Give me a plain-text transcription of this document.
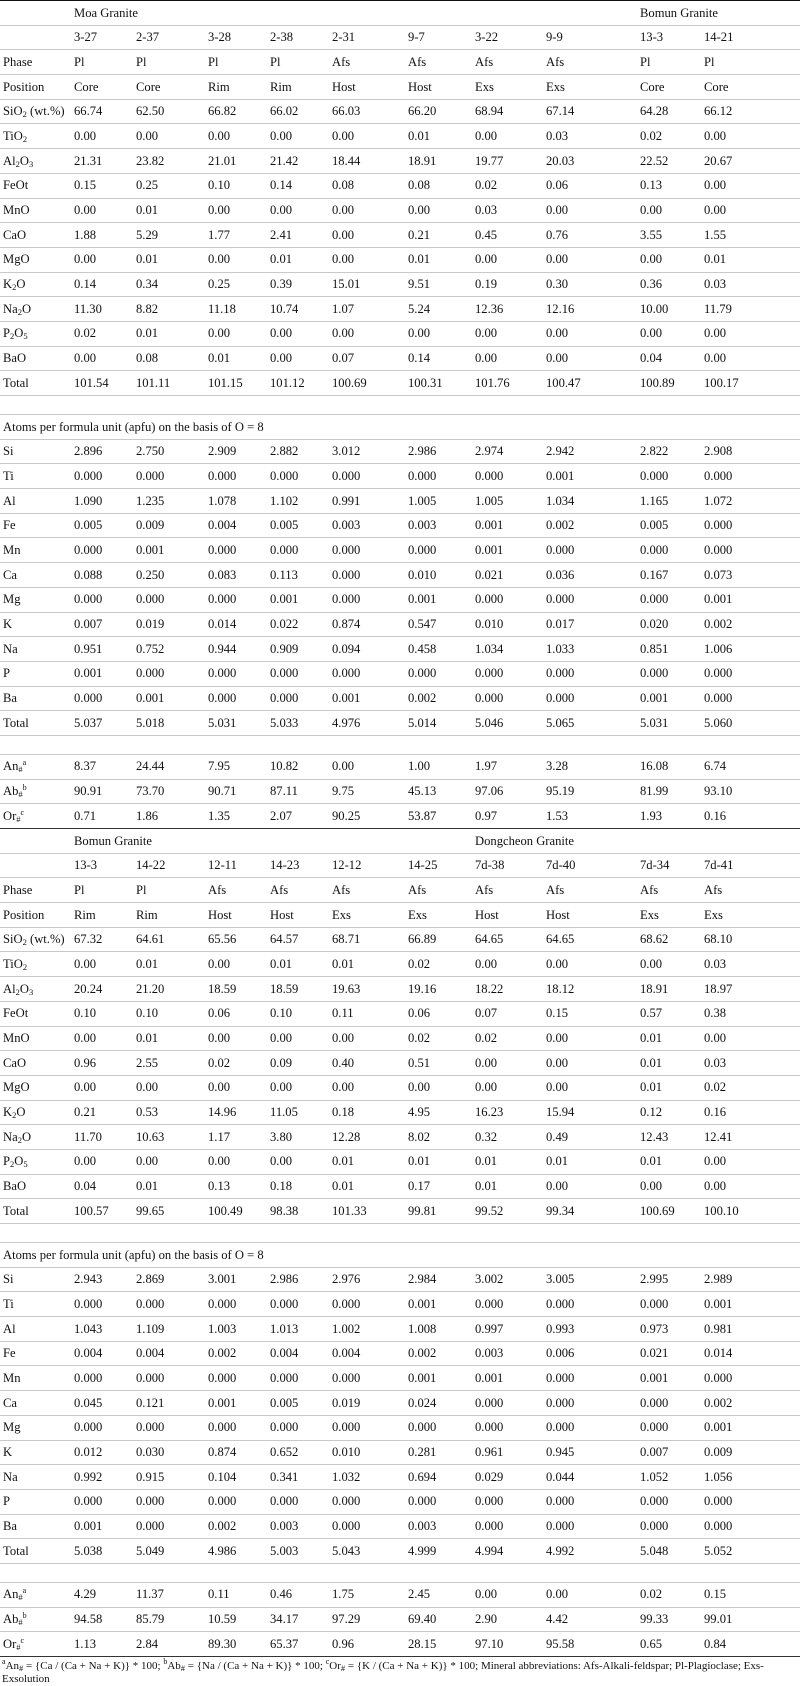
	Moa Granite								Bomun Granite	
	3-27	2-37	3-28	2-38	2-31	9-7	3-22	9-9	13-3	14-21
Phase	Pl	Pl	Pl	Pl	Afs	Afs	Afs	Afs	Pl	Pl
Position	Core	Core	Rim	Rim	Host	Host	Exs	Exs	Core	Core
SiO$_2$ (wt.%)	66.74	62.50	66.82	66.02	66.03	66.20	68.94	67.14	64.28	66.12
TiO$_2$	0.00	0.00	0.00	0.00	0.00	0.01	0.00	0.03	0.02	0.00
$Al_2O_3$	21.31	23.82	21.01	21.42	18.44	18.91	19.77	20.03	22.52	20.67
FeOt	0.15	0.25	0.10	0.14	0.08	0.08	0.02	0.06	0.13	0.00
MnO	0.00	0.01	0.00	0.00	0.00	0.00	0.03	0.00	0.00	0.00
CaO	1.88	5.29	1.77	2.41	0.00	0.21	0.45	0.76	3.55	1.55
MgO	0.00	0.01	0.00	0.01	0.00	0.01	0.00	0.00	0.00	0.01
$K_2O$	0.14	0.34	0.25	0.39	15.01	9.51	0.19	0.30	0.36	0.03
$Na_2O$	11.30	8.82	11.18	10.74	1.07	5.24	12.36	12.16	10.00	11.79
$P_2O_5$	0.02	0.01	0.00	0.00	0.00	0.00	0.00	0.00	0.00	0.00
BaO	0.00	0.08	0.01	0.00	0.07	0.14	0.00	0.00	0.04	0.00
Total	101.54	101.11	101.15	101.12	100.69	100.31	101.76	100.47	100.89	100.17

Atoms per formula unit (apfu) on the basis of O = 8										
Si	2.896	2.750	2.909	2.882	3.012	2.986	2.974	2.942	2.822	2.908
Ti	0.000	0.000	0.000	0.000	0.000	0.000	0.000	0.001	0.000	0.000
Al	1.090	1.235	1.078	1.102	0.991	1.005	1.005	1.034	1.165	1.072
Fe	0.005	0.009	0.004	0.005	0.003	0.003	0.001	0.002	0.005	0.000
Mn	0.000	0.001	0.000	0.000	0.000	0.000	0.001	0.000	0.000	0.000
Ca	0.088	0.250	0.083	0.113	0.000	0.010	0.021	0.036	0.167	0.073
Mg	0.000	0.000	0.000	0.001	0.000	0.001	0.000	0.000	0.000	0.001
K	0.007	0.019	0.014	0.022	0.874	0.547	0.010	0.017	0.020	0.002
Na	0.951	0.752	0.944	0.909	0.094	0.458	1.034	1.033	0.851	1.006
P	0.001	0.000	0.000	0.000	0.000	0.000	0.000	0.000	0.000	0.000
Ba	0.000	0.001	0.000	0.000	0.001	0.002	0.000	0.000	0.001	0.000
Total	5.037	5.018	5.031	5.033	4.976	5.014	5.046	5.065	5.031	5.060

$An_{\#}^a$	8.37	24.44	7.95	10.82	0.00	1.00	1.97	3.28	16.08	6.74
$Ab_{\#}^b$	90.91	73.70	90.71	87.11	9.75	45.13	97.06	95.19	81.99	93.10
$Or_{\#}^c$	0.71	1.86	1.35	2.07	90.25	53.87	0.97	1.53	1.93	0.16
	Bomun Granite						Dongcheon Granite			
	13-3	14-22	12-11	14-23	12-12	14-25	7d-38	7d-40	7d-34	7d-41
Phase	Pl	Pl	Afs	Afs	Afs	Afs	Afs	Afs	Afs	Afs
Position	Rim	Rim	Host	Host	Exs	Exs	Host	Host	Exs	Exs
SiO$_2$ (wt.%)	67.32	64.61	65.56	64.57	68.71	66.89	64.65	64.65	68.62	68.10
TiO$_2$	0.00	0.01	0.00	0.01	0.01	0.02	0.00	0.00	0.00	0.03
$Al_2O_3$	20.24	21.20	18.59	18.59	19.63	19.16	18.22	18.12	18.91	18.97
FeOt	0.10	0.10	0.06	0.10	0.11	0.06	0.07	0.15	0.57	0.38
MnO	0.00	0.01	0.00	0.00	0.00	0.02	0.02	0.00	0.01	0.00
CaO	0.96	2.55	0.02	0.09	0.40	0.51	0.00	0.00	0.01	0.03
MgO	0.00	0.00	0.00	0.00	0.00	0.00	0.00	0.00	0.01	0.02
$K_2O$	0.21	0.53	14.96	11.05	0.18	4.95	16.23	15.94	0.12	0.16
$Na_2O$	11.70	10.63	1.17	3.80	12.28	8.02	0.32	0.49	12.43	12.41
$P_2O_5$	0.00	0.00	0.00	0.00	0.01	0.01	0.01	0.01	0.01	0.00
BaO	0.04	0.01	0.13	0.18	0.01	0.17	0.01	0.00	0.00	0.00
Total	100.57	99.65	100.49	98.38	101.33	99.81	99.52	99.34	100.69	100.10

Atoms per formula unit (apfu) on the basis of O = 8										
Si	2.943	2.869	3.001	2.986	2.976	2.984	3.002	3.005	2.995	2.989
Ti	0.000	0.000	0.000	0.000	0.000	0.001	0.000	0.000	0.000	0.001
Al	1.043	1.109	1.003	1.013	1.002	1.008	0.997	0.993	0.973	0.981
Fe	0.004	0.004	0.002	0.004	0.004	0.002	0.003	0.006	0.021	0.014
Mn	0.000	0.000	0.000	0.000	0.000	0.001	0.001	0.000	0.001	0.000
Ca	0.045	0.121	0.001	0.005	0.019	0.024	0.000	0.000	0.000	0.002
Mg	0.000	0.000	0.000	0.000	0.000	0.000	0.000	0.000	0.000	0.001
K	0.012	0.030	0.874	0.652	0.010	0.281	0.961	0.945	0.007	0.009
Na	0.992	0.915	0.104	0.341	1.032	0.694	0.029	0.044	1.052	1.056
P	0.000	0.000	0.000	0.000	0.000	0.000	0.000	0.000	0.000	0.000
Ba	0.001	0.000	0.002	0.003	0.000	0.003	0.000	0.000	0.000	0.000
Total	5.038	5.049	4.986	5.003	5.043	4.999	4.994	4.992	5.048	5.052

$An_{\#}^a$	4.29	11.37	0.11	0.46	1.75	2.45	0.00	0.00	0.02	0.15
$Ab_{\#}^b$	94.58	85.79	10.59	34.17	97.29	69.40	2.90	4.42	99.33	99.01
$Or_{\#}^c$	1.13	2.84	89.30	65.37	0.96	28.15	97.10	95.58	0.65	0.84
$^aAn_{\#} = \{Ca / (Ca + Na + K)\} * 100$; $^bAb_{\#} = \{Na / (Ca + Na + K)\} * 100$; $^cOr_{\#} = \{K / (Ca + Na + K)\} * 100$; Mineral abbreviations: Afs-Alkali-feldspar; Pl-Plagioclase; Exs-Exsolution
